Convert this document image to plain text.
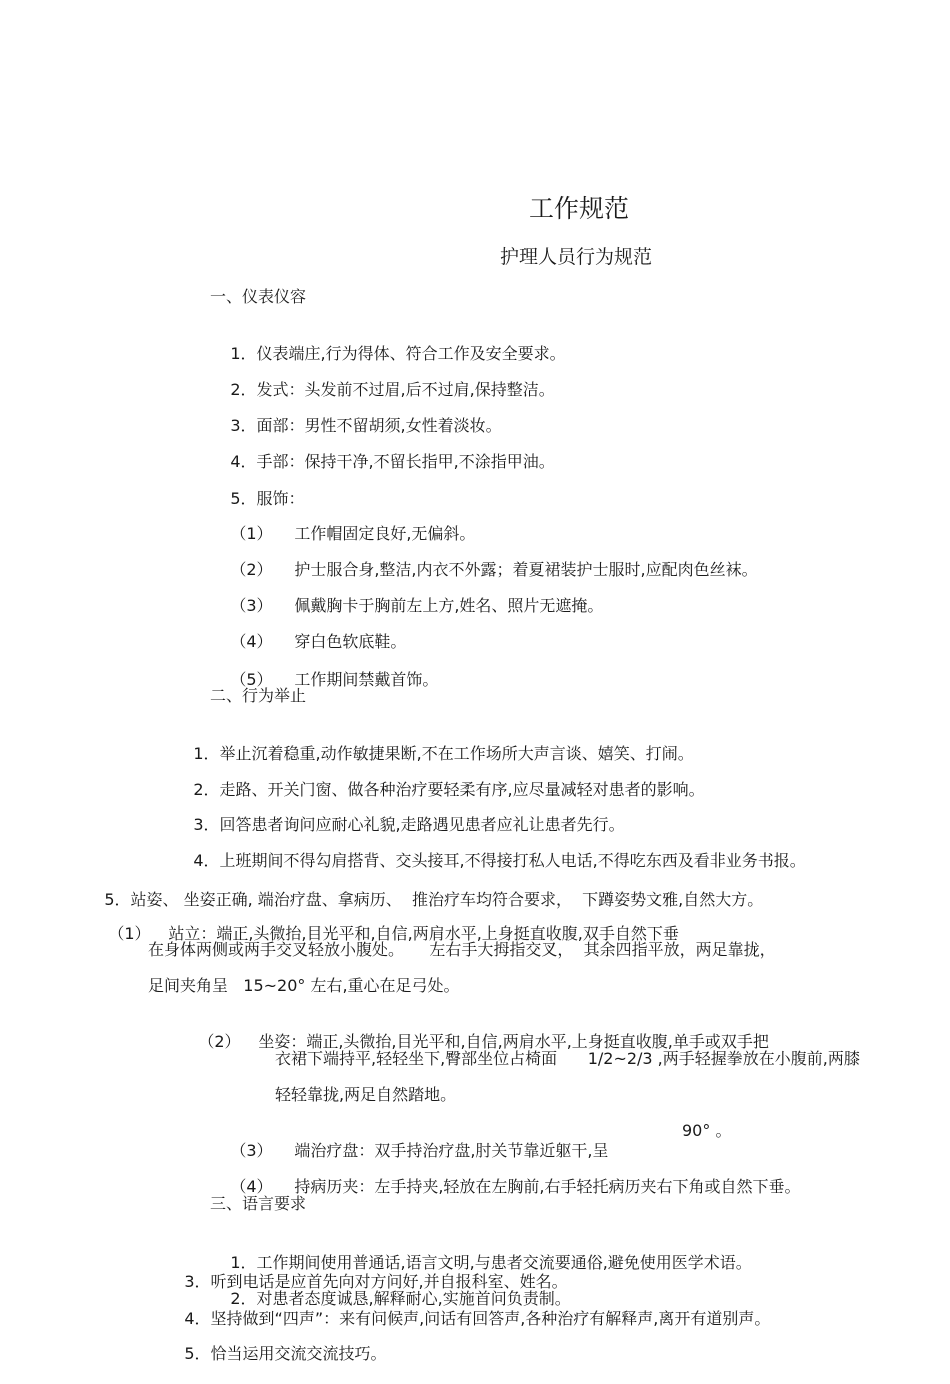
工作规范
护理人员行为规范
一、仪表仪容

1．仪表端庄,行为得体、符合工作及安全要求。

2．发式：头发前不过眉,后不过肩,保持整洁。

3．面部：男性不留胡须,女性着淡妆。

4．手部：保持干净,不留长指甲,不涂指甲油。

5．服饰：

（1） 工作帽固定良好,无偏斜。

（2） 护士服合身,整洁,内衣不外露；着夏裙装护士服时,应配肉色丝袜。

（3） 佩戴胸卡于胸前左上方,姓名、照片无遮掩。

（4） 穿白色软底鞋。

（5） 工作期间禁戴首饰。

二、行为举止

1．举止沉着稳重,动作敏捷果断,不在工作场所大声言谈、嬉笑、打闹。

2．走路、开关门窗、做各种治疗要轻柔有序,应尽量减轻对患者的影响。

3．回答患者询问应耐心礼貌,走路遇见患者应礼让患者先行。

4．上班期间不得勾肩搭背、交头接耳,不得接打私人电话,不得吃东西及看非业务书报。

5．站姿、 坐姿正确, 端治疗盘、拿病历、  推治疗车均符合要求，  下蹲姿势文雅,自然大方。

（1） 站立：端正,头微抬,目光平和,自信,两肩水平,上身挺直收腹,双手自然下垂

在身体两侧或两手交叉轻放小腹处。     左右手大拇指交叉，  其余四指平放，两足靠拢，
足间夹角呈   15~20° 左右,重心在足弓处。

（2） 坐姿：端正,头微抬,目光平和,自信,两肩水平,上身挺直收腹,单手或双手把

衣裙下端持平,轻轻坐下,臀部坐位占椅面      1/2~2/3 ,两手轻握拳放在小腹前,两膝
轻轻靠拢,两足自然踏地。

（3） 端治疗盘：双手持治疗盘,肘关节靠近躯干,呈

90° 。

（4） 持病历夹：左手持夹,轻放在左胸前,右手轻托病历夹右下角或自然下垂。

三、语言要求

1．工作期间使用普通话,语言文明,与患者交流要通俗,避免使用医学术语。

3．听到电话是应首先向对方问好,并自报科室、姓名。

2．对患者态度诚恳,解释耐心,实施首问负责制。

4．坚持做到“四声”：来有问候声,问话有回答声,各种治疗有解释声,离开有道别声。

5．恰当运用交流交流技巧。
